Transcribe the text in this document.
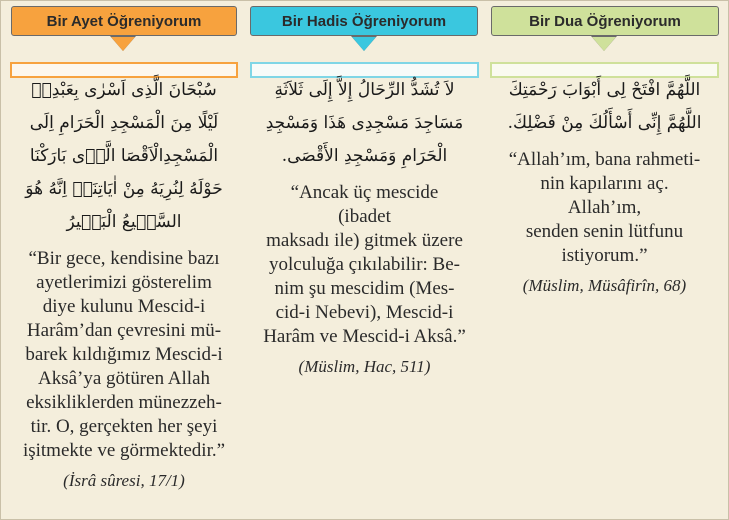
Bir Ayet Öğreniyorum
سُبْحَانَ الَّذِى اَسْرٰى بِعَبْدِه۪
لَيْلًا مِنَ الْمَسْجِدِ الْحَرَامِ اِلَى
الْمَسْجِدِالْاَقْصَا الَّذ۪ى بَارَكْنَا
حَوْلَهُ لِنُرِيَهُ مِنْ اٰيَاتِنَاۜ اِنَّهُ هُوَ
السَّم۪يعُ الْبَص۪يرُ

“Bir gece, kendisine bazı
ayetlerimizi gösterelim
diye kulunu Mescid-i
Harâm’dan çevresini mü-
barek kıldığımız Mescid-i
Aksâ’ya götüren Allah
eksikliklerden münezzeh-
tir. O, gerçekten her şeyi
işitmekte ve görmektedir.”

(İsrâ sûresi, 17/1)
Bir Hadis Öğreniyorum
لاَ تُشَدُّ الرِّحَالُ إِلاَّ إِلَى ثَلاَثَةِ
مَسَاجِدَ مَسْجِدِى هَذَا وَمَسْجِدِ
الْحَرَامِ وَمَسْجِدِ الأَقْصَى.

“Ancak üç mescide (ibadet
maksadı ile) gitmek üzere
yolculuğa çıkılabilir: Be-
nim şu mescidim (Mes-
cid-i Nebevi), Mescid-i
Harâm ve Mescid-i Aksâ.”

(Müslim, Hac, 511)
Bir Dua Öğreniyorum
اللَّهُمَّ افْتَحْ لِى أَبْوَابَ رَحْمَتِكَ
اللَّهُمَّ إِنِّى أَسْأَلُكَ مِنْ فَضْلِكَ.

“Allah’ım, bana rahmeti-
nin kapılarını aç. Allah’ım,
senden senin lütfunu
istiyorum.”

(Müslim, Müsâfirîn, 68)
